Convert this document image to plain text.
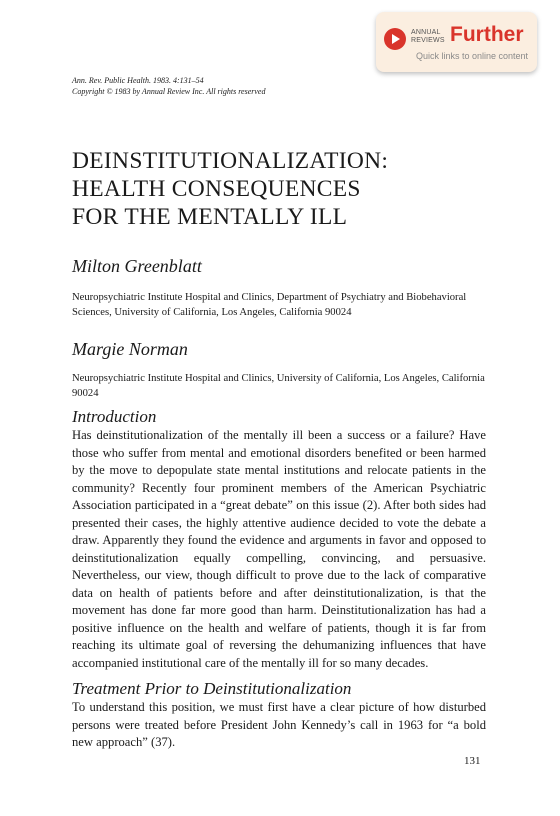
ANNUAL
REVIEWS Further
Quick links to online content
Ann. Rev. Public Health. 1983. 4:131–54
Copyright © 1983 by Annual Review Inc. All rights reserved
DEINSTITUTIONALIZATION:
HEALTH CONSEQUENCES
FOR THE MENTALLY ILL
Milton Greenblatt
Neuropsychiatric Institute Hospital and Clinics, Department of Psychiatry and Biobehavioral Sciences, University of California, Los Angeles, California 90024
Margie Norman
Neuropsychiatric Institute Hospital and Clinics, University of California, Los Angeles, California 90024
Introduction
Has deinstitutionalization of the mentally ill been a success or a failure? Have those who suffer from mental and emotional disorders benefited or been harmed by the move to depopulate state mental institutions and relocate patients in the community? Recently four prominent members of the American Psychiatric Association participated in a “great debate” on this issue (2). After both sides had presented their cases, the highly attentive audience decided to vote the debate a draw. Apparently they found the evidence and arguments in favor and opposed to deinstitutionalization equally compelling, convincing, and persuasive. Nevertheless, our view, though difficult to prove due to the lack of comparative data on health of patients before and after deinstitutionalization, is that the movement has done far more good than harm. Deinstitutionalization has had a positive influence on the health and welfare of patients, though it is far from reaching its ultimate goal of reversing the dehumanizing influences that have accompanied institutional care of the mentally ill for so many decades.
Treatment Prior to Deinstitutionalization
To understand this position, we must first have a clear picture of how disturbed persons were treated before President John Kennedy’s call in 1963 for “a bold new approach” (37).
131
